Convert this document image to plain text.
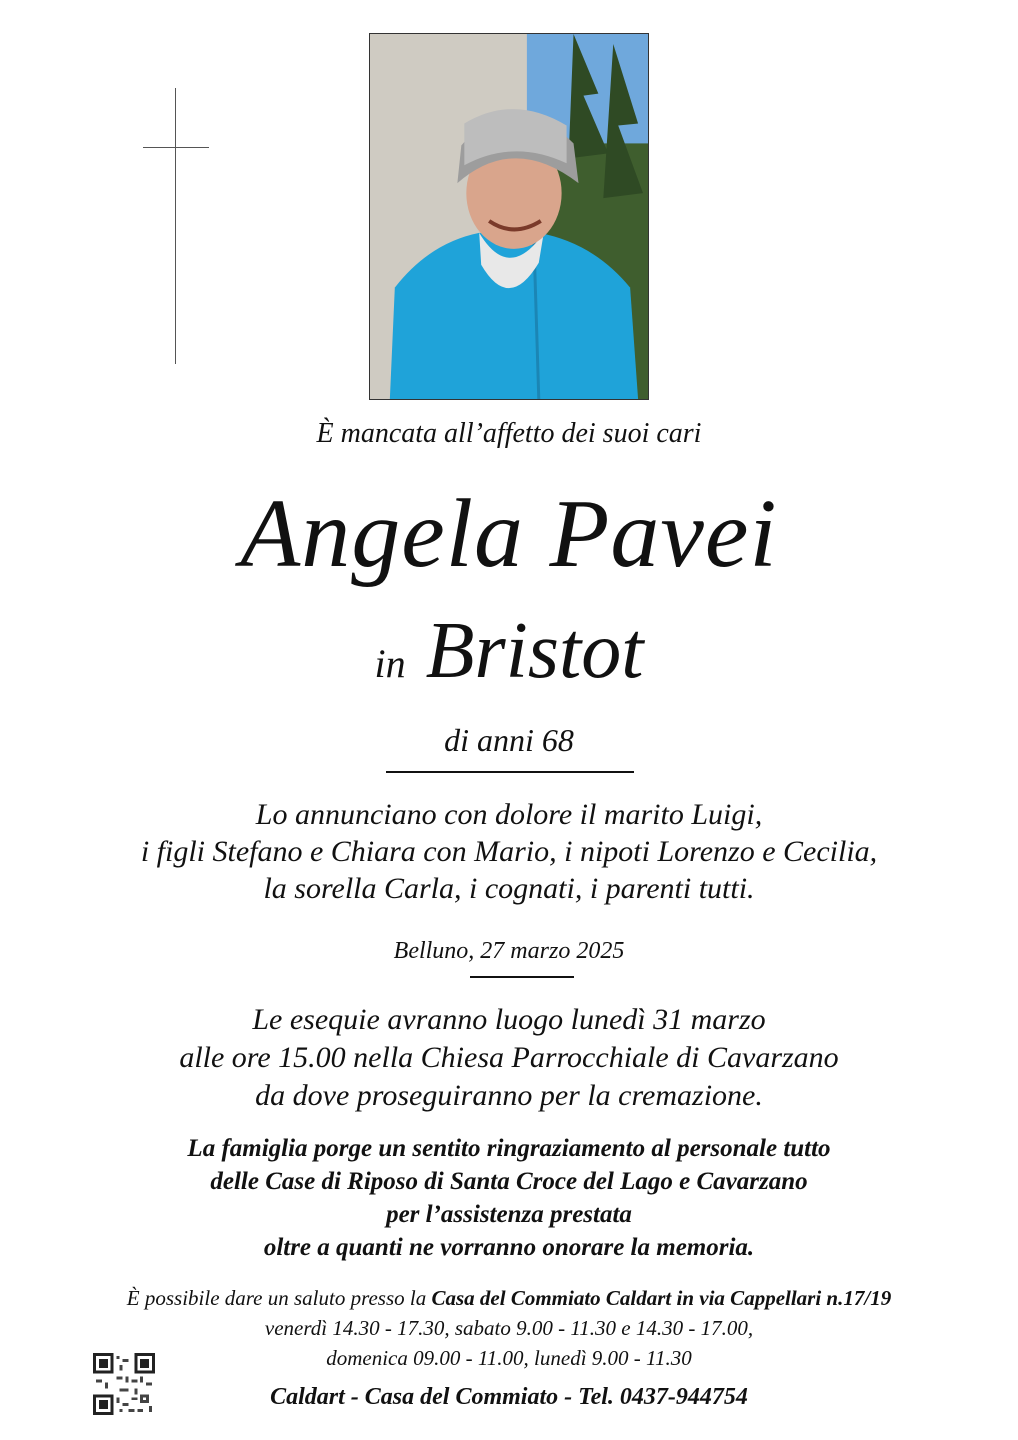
È mancata all’affetto dei suoi cari
Angela Pavei
in Bristot
di anni 68
Lo annunciano con dolore il marito Luigi,
i figli Stefano e Chiara con Mario, i nipoti Lorenzo e Cecilia,
la sorella Carla, i cognati, i parenti tutti.
Belluno, 27 marzo 2025
Le esequie avranno luogo lunedì 31 marzo
alle ore 15.00 nella Chiesa Parrocchiale di Cavarzano
da dove proseguiranno per la cremazione.
La famiglia porge un sentito ringraziamento al personale tutto
delle Case di Riposo di Santa Croce del Lago e Cavarzano
per l’assistenza prestata
oltre a quanti ne vorranno onorare la memoria.
È possibile dare un saluto presso la Casa del Commiato Caldart in via Cappellari n.17/19
venerdì 14.30 - 17.30, sabato 9.00 - 11.30 e 14.30 - 17.00,
domenica 09.00 - 11.00, lunedì 9.00 - 11.30
Caldart - Casa del Commiato - Tel. 0437-944754
